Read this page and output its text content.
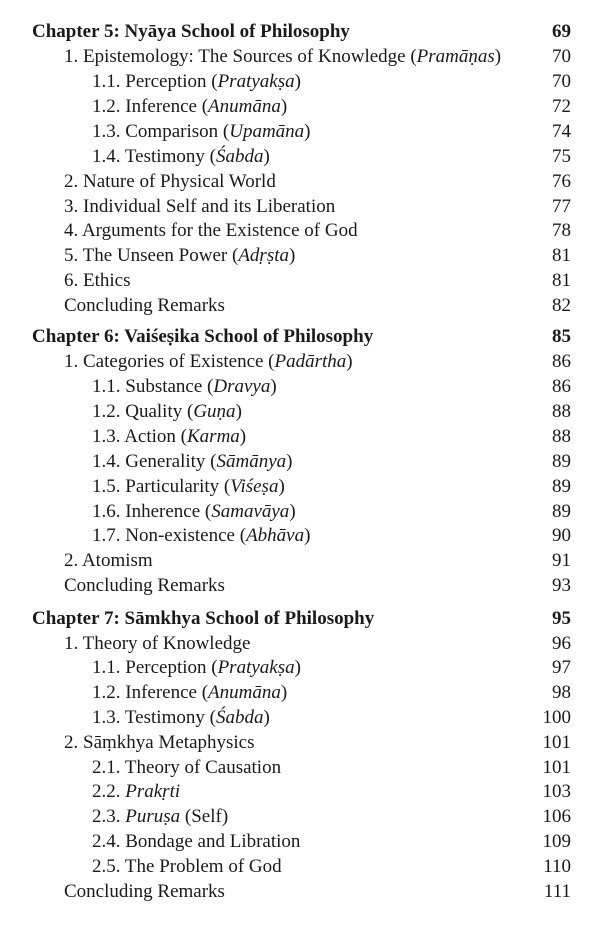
Chapter 5: Nyāya School of Philosophy	69
1. Epistemology: The Sources of Knowledge (Pramāṇas)	70
1.1. Perception (Pratyakṣa)	70
1.2. Inference (Anumāna)	72
1.3. Comparison (Upamāna)	74
1.4. Testimony (Śabda)	75
2. Nature of Physical World	76
3. Individual Self and its Liberation	77
4. Arguments for the Existence of God	78
5. The Unseen Power (Adṛṣta)	81
6. Ethics	81
Concluding Remarks	82
Chapter 6: Vaiśeṣika School of Philosophy	85
1. Categories of Existence (Padārtha)	86
1.1. Substance (Dravya)	86
1.2. Quality (Guṇa)	88
1.3. Action (Karma)	88
1.4. Generality (Sāmānya)	89
1.5. Particularity (Viśeṣa)	89
1.6. Inherence (Samavāya)	89
1.7. Non-existence (Abhāva)	90
2. Atomism	91
Concluding Remarks	93
Chapter 7: Sāmkhya School of Philosophy	95
1. Theory of Knowledge	96
1.1. Perception (Pratyakṣa)	97
1.2. Inference (Anumāna)	98
1.3. Testimony (Śabda)	100
2. Sāṃkhya Metaphysics	101
2.1. Theory of Causation	101
2.2. Prakṛti	103
2.3. Puruṣa (Self)	106
2.4. Bondage and Libration	109
2.5. The Problem of God	110
Concluding Remarks	111
